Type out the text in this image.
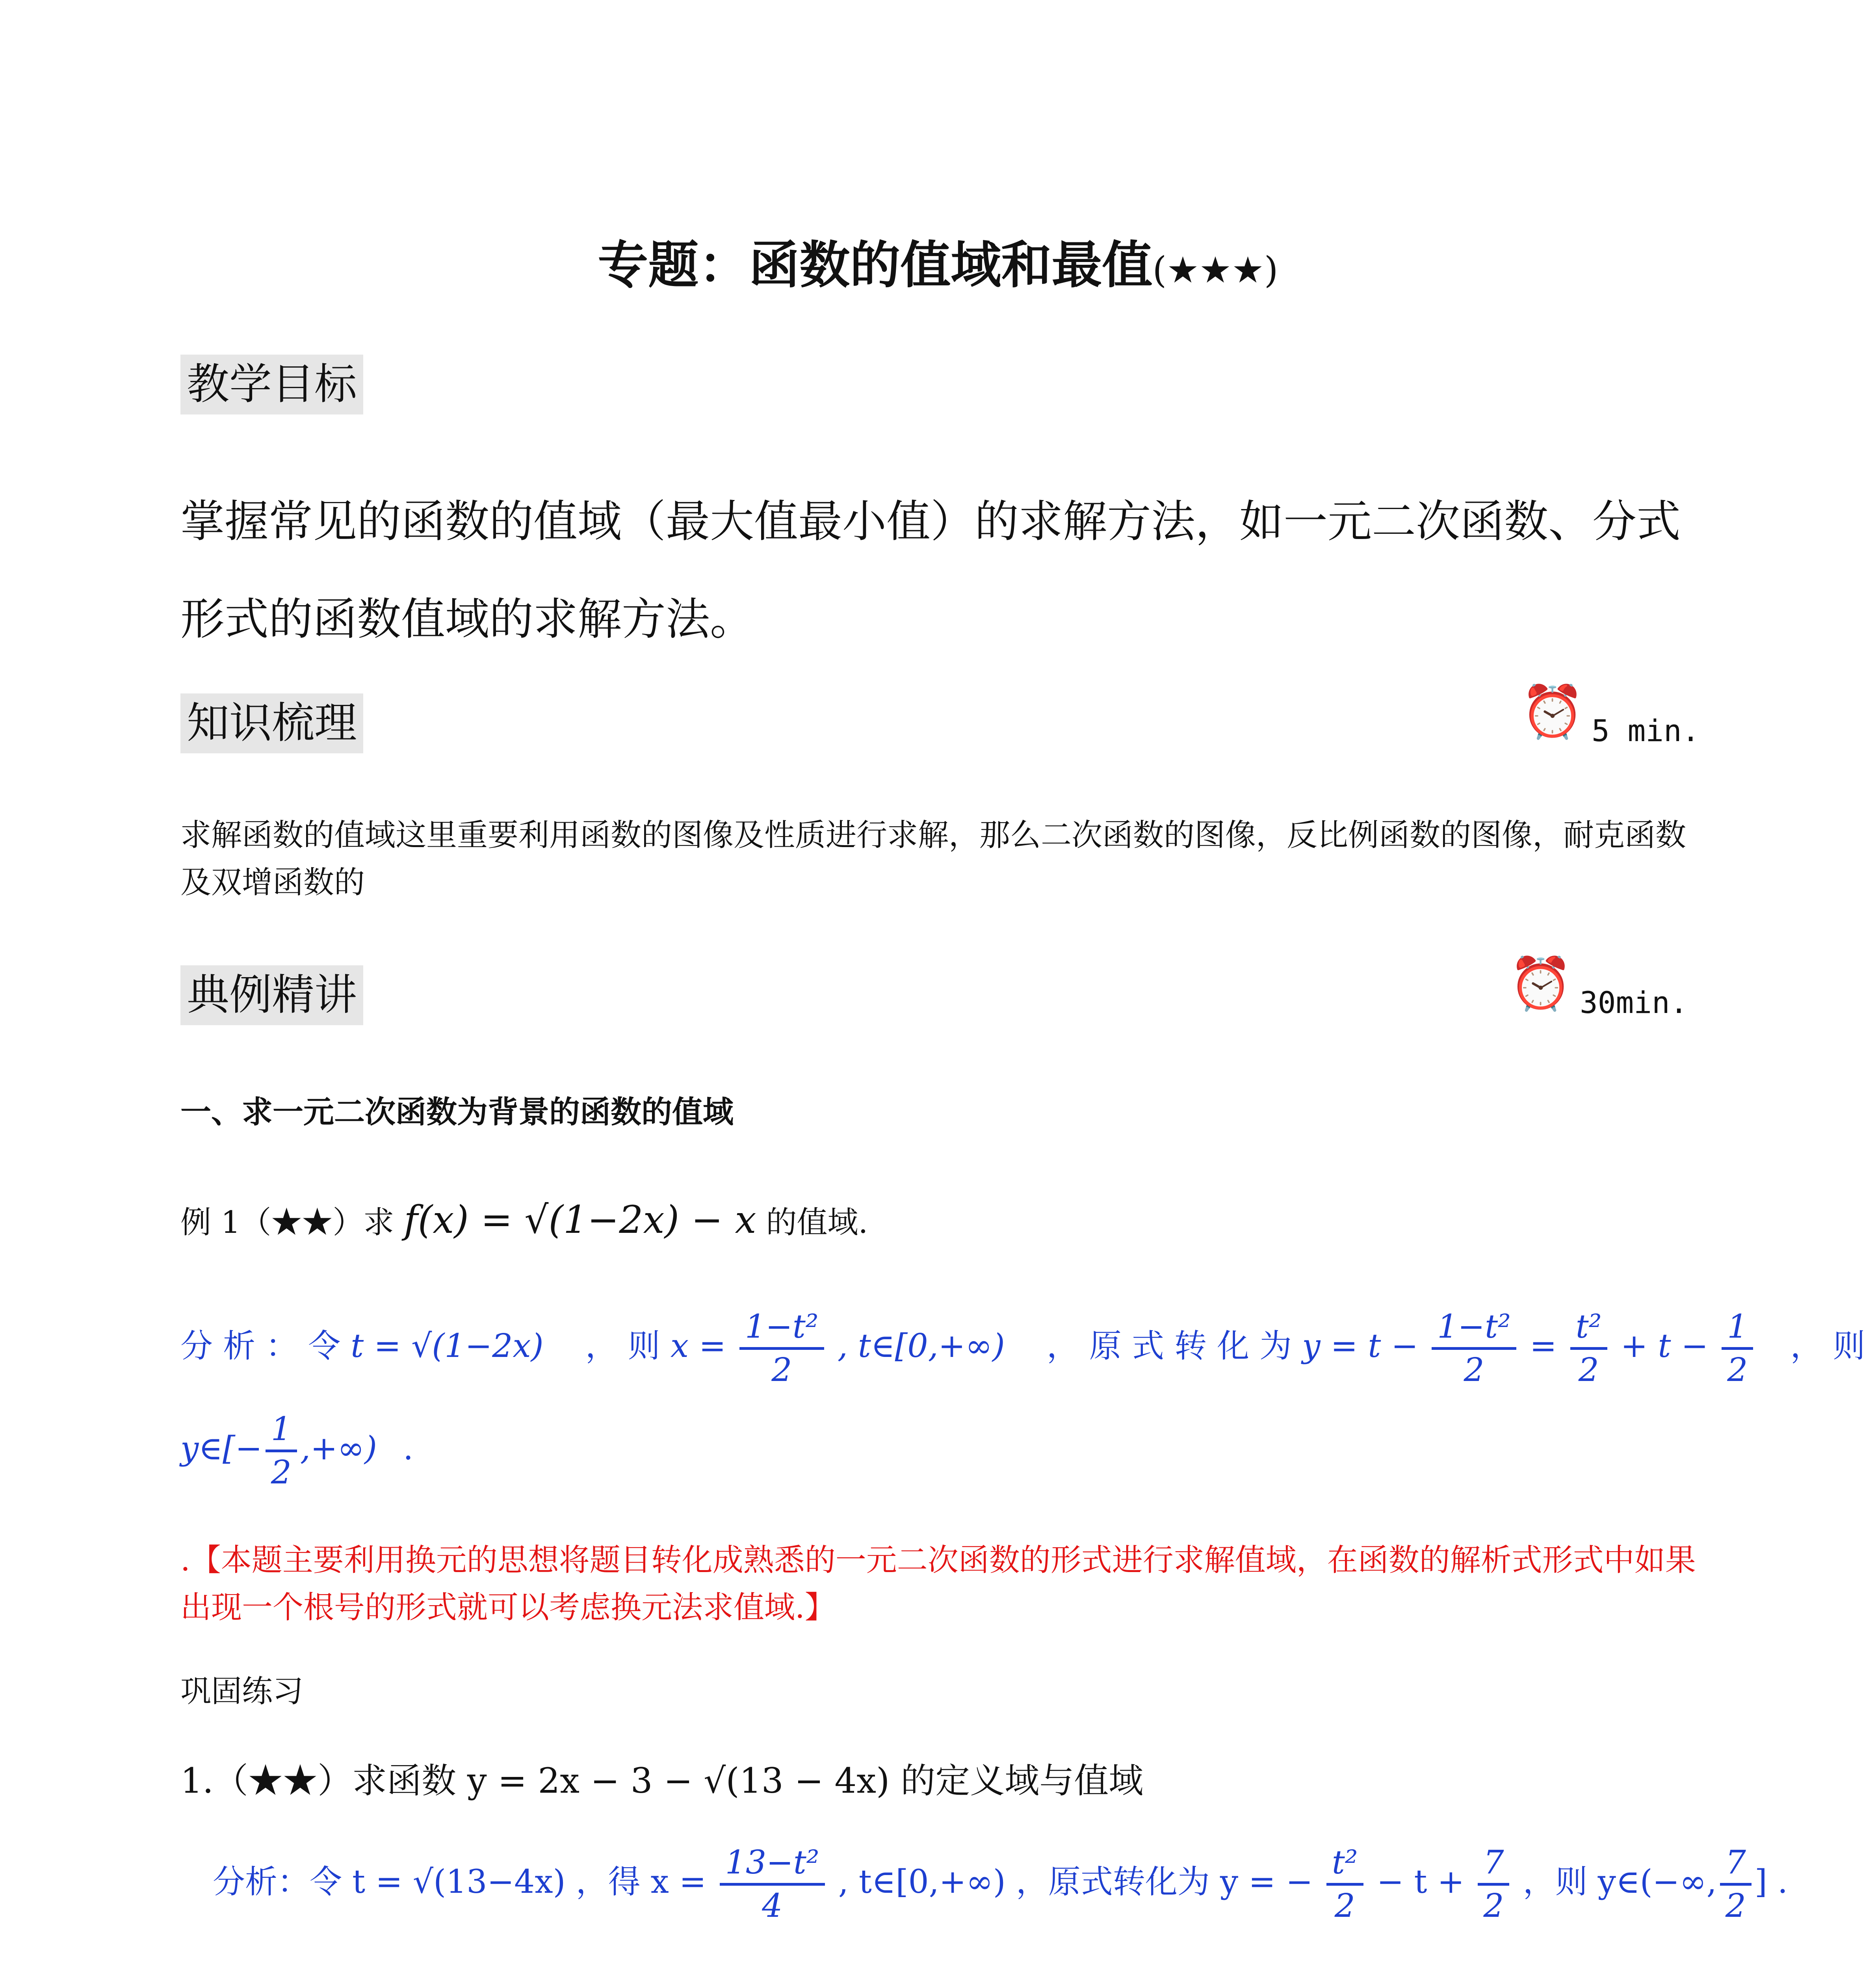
专题：函数的值域和最值(★★★)
教学目标
掌握常见的函数的值域（最大值最小值）的求解方法，如一元二次函数、分式形式的函数值域的求解方法。
知识梳理	⏰ 5 min.
求解函数的值域这里重要利用函数的图像及性质进行求解，那么二次函数的图像，反比例函数的图像，耐克函数及双增函数的
典例精讲	⏰ 30min.
一、求一元二次函数为背景的函数的值域
例 1（★★）求 f(x) = √(1−2x) − x 的值域.
分 析 ： 令 t = √(1−2x) ， 则 $x = \frac{\text{1−t²}}{2}$ , t∈[0,+∞) ， 原 式 转 化 为 $y = t - \frac{\text{1−t²}}{2} = \frac{\text{t²}}{2} + t - \frac{1}{2}$ ， 则
y∈[− $\frac{1}{2}$ ,+∞) .
.【本题主要利用换元的思想将题目转化成熟悉的一元二次函数的形式进行求解值域，在函数的解析式形式中如果出现一个根号的形式就可以考虑换元法求值域.】
巩固练习
1.（★★）求函数 y = 2x − 3 − √(13 − 4x) 的定义域与值域
分析：令 t = √(13−4x) ，得 $x = \frac{\text{13−t²}}{4}$ , t∈[0,+∞) ，原式转化为 y = − $\frac{\text{t²}}{2} - t + \frac{7}{2}$ ，则 y∈(−∞, $\frac{7}{2}$ ] .
